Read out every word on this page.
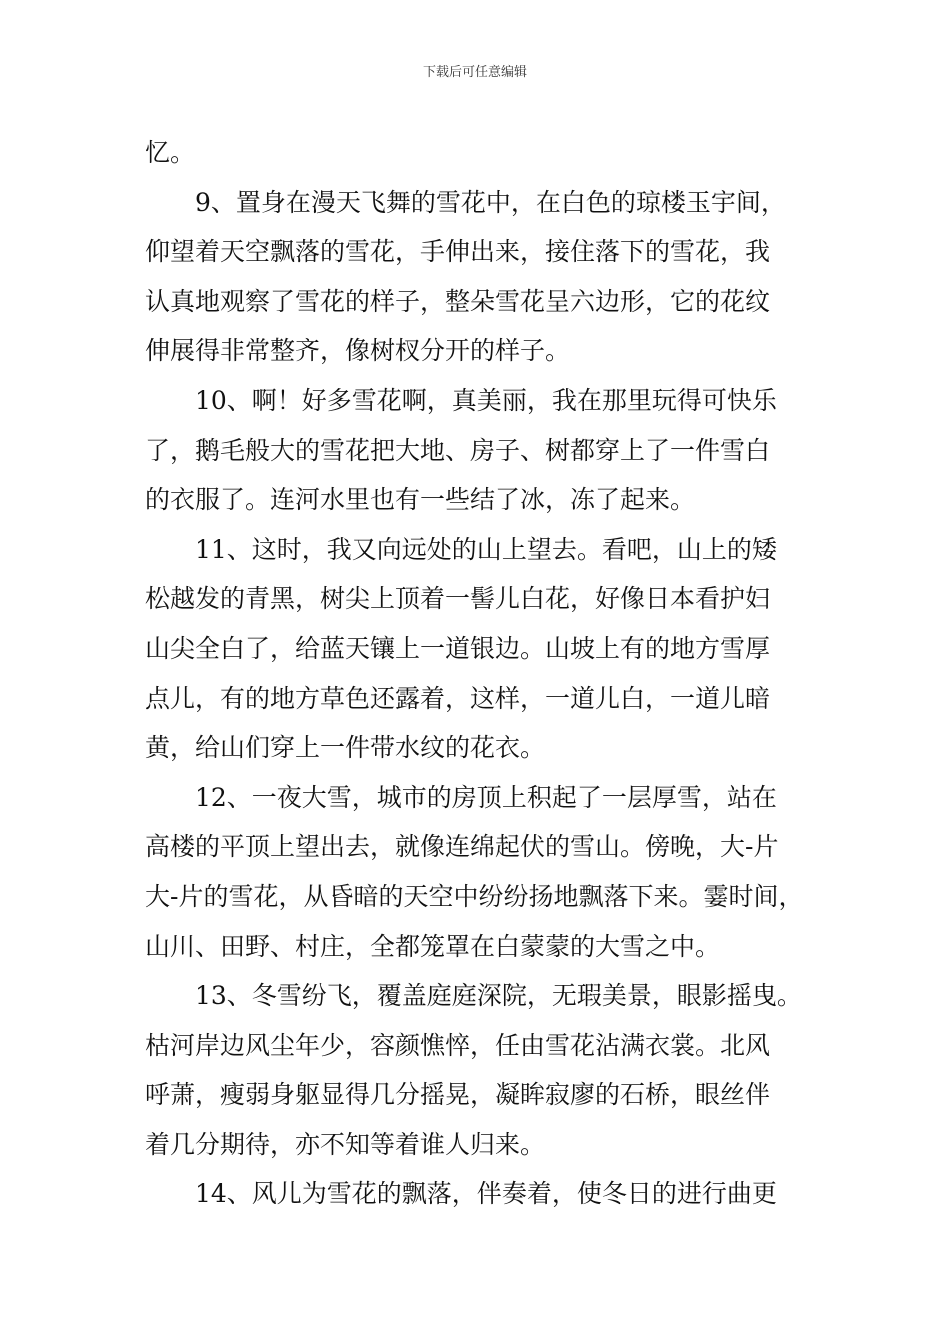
下载后可任意编辑
忆。
9、置身在漫天飞舞的雪花中，在白色的琼楼玉宇间，
仰望着天空飘落的雪花，手伸出来，接住落下的雪花，我
认真地观察了雪花的样子，整朵雪花呈六边形，它的花纹
伸展得非常整齐，像树杈分开的样子。
10、啊！好多雪花啊，真美丽，我在那里玩得可快乐
了，鹅毛般大的雪花把大地、房子、树都穿上了一件雪白
的衣服了。连河水里也有一些结了冰，冻了起来。
11、这时，我又向远处的山上望去。看吧，山上的矮
松越发的青黑，树尖上顶着一髻儿白花，好像日本看护妇
山尖全白了，给蓝天镶上一道银边。山坡上有的地方雪厚
点儿，有的地方草色还露着，这样，一道儿白，一道儿暗
黄，给山们穿上一件带水纹的花衣。
12、一夜大雪，城市的房顶上积起了一层厚雪，站在
高楼的平顶上望出去，就像连绵起伏的雪山。傍晚，大-片
大-片的雪花，从昏暗的天空中纷纷扬地飘落下来。霎时间，
山川、田野、村庄，全都笼罩在白蒙蒙的大雪之中。
13、冬雪纷飞，覆盖庭庭深院，无瑕美景，眼影摇曳。
枯河岸边风尘年少，容颜憔悴，任由雪花沾满衣裳。北风
呼萧，瘦弱身躯显得几分摇晃，凝眸寂廖的石桥，眼丝伴
着几分期待，亦不知等着谁人归来。
14、风儿为雪花的飘落，伴奏着，使冬日的进行曲更
